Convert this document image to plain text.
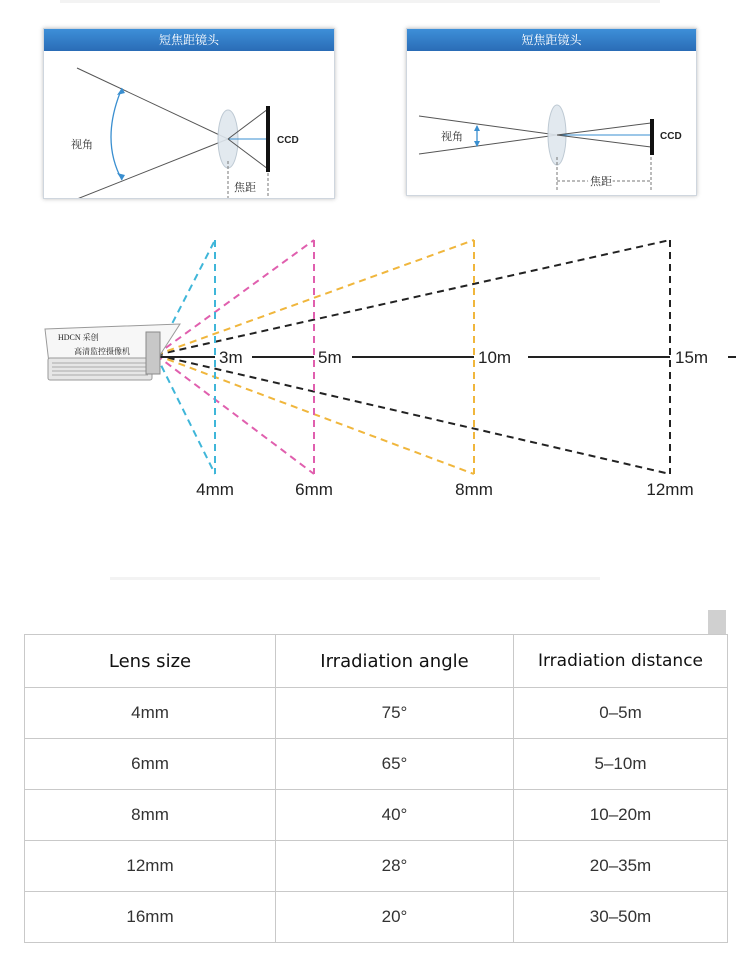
短焦距镜头
视角	CCD
焦距
短焦距镜头
视角	CCD
焦距
3m	5m	10m	15m
4mm	6mm	8mm	12mm
HDCN 采创
高清监控摄像机
Lens size	Irradiation angle	Irradiation distance
4mm	75°	0–5m
6mm	65°	5–10m
8mm	40°	10–20m
12mm	28°	20–35m
16mm	20°	30–50m
